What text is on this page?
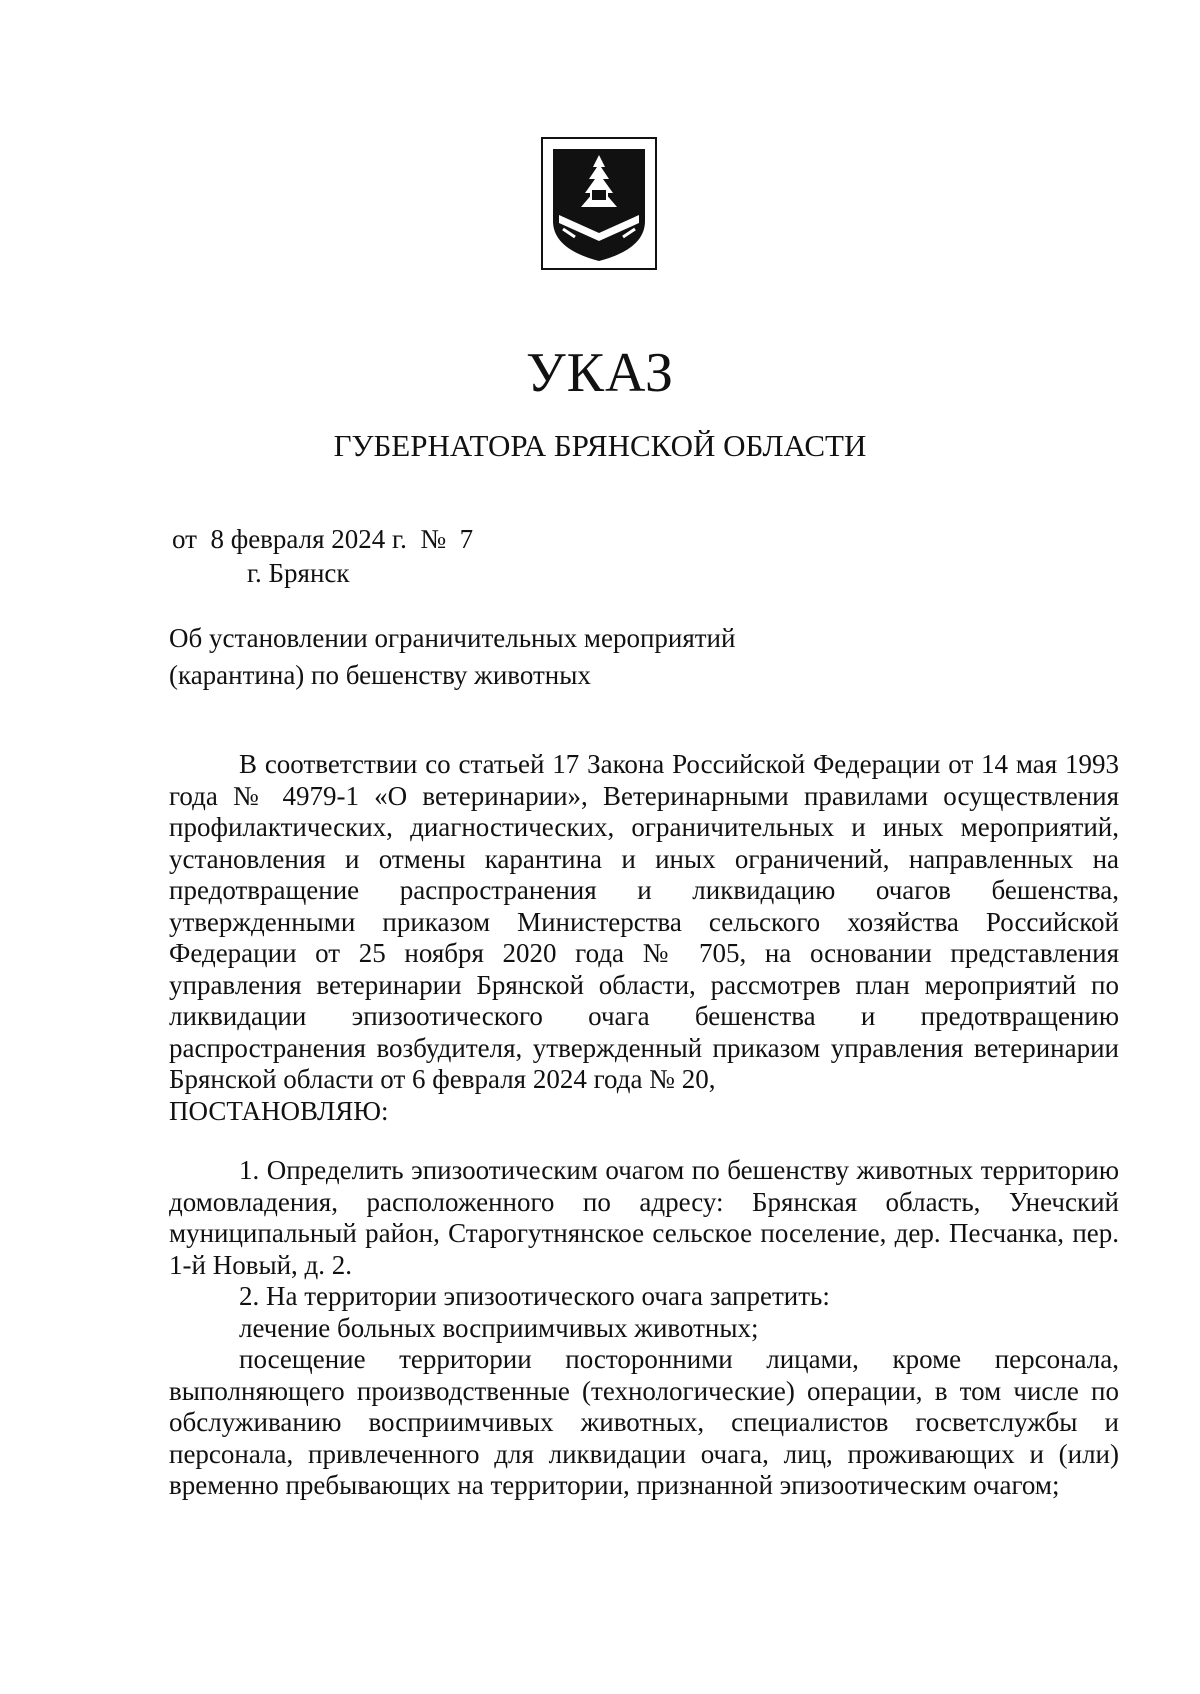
УКАЗ
ГУБЕРНАТОРА БРЯНСКОЙ ОБЛАСТИ
от  8 февраля 2024 г.  №  7
г. Брянск
Об установлении ограничительных мероприятий
(карантина) по бешенству животных

В соответствии со статьей 17 Закона Российской Федерации от 14 мая 1993 года № 4979-1 «О ветеринарии», Ветеринарными правилами осуществления профилактических, диагностических, ограничительных и иных мероприятий, установления и отмены карантина и иных ограничений, направленных на предотвращение распространения и ликвидацию очагов бешенства, утвержденными приказом Министерства сельского хозяйства Российской Федерации от 25 ноября 2020 года № 705, на основании представления управления ветеринарии Брянской области, рассмотрев план мероприятий по ликвидации эпизоотического очага бешенства и предотвращению распространения возбудителя, утвержденный приказом управления ветеринарии Брянской области от 6 февраля 2024 года № 20,

ПОСТАНОВЛЯЮ:

1. Определить эпизоотическим очагом по бешенству животных территорию домовладения, расположенного по адресу: Брянская область, Унечский муниципальный район, Старогутнянское сельское поселение, дер. Песчанка, пер. 1-й Новый, д. 2.

2. На территории эпизоотического очага запретить:

лечение больных восприимчивых животных;

посещение территории посторонними лицами, кроме персонала, выполняющего производственные (технологические) операции, в том числе по обслуживанию восприимчивых животных, специалистов госветслужбы и персонала, привлеченного для ликвидации очага, лиц, проживающих и (или) временно пребывающих на территории, признанной эпизоотическим очагом;
